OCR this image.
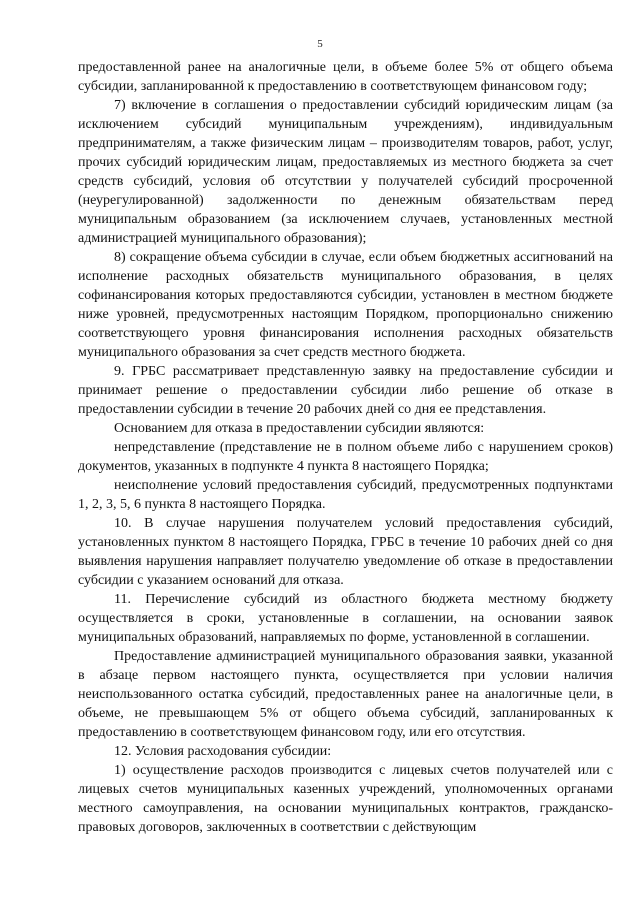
5

предоставленной ранее на аналогичные цели, в объеме более 5% от общего объема субсидии, запланированной к предоставлению в соответствующем финансовом году;

7) включение в соглашения о предоставлении субсидий юридическим лицам (за исключением субсидий муниципальным учреждениям), индивидуальным предпринимателям, а также физическим лицам – производителям товаров, работ, услуг, прочих субсидий юридическим лицам, предоставляемых из местного бюджета за счет средств субсидий, условия об отсутствии у получателей субсидий просроченной (неурегулированной) задолженности по денежным обязательствам перед муниципальным образованием (за исключением случаев, установленных местной администрацией муниципального образования);

8) сокращение объема субсидии в случае, если объем бюджетных ассигнований на исполнение расходных обязательств муниципального образования, в целях софинансирования которых предоставляются субсидии, установлен в местном бюджете ниже уровней, предусмотренных настоящим Порядком, пропорционально снижению соответствующего уровня финансирования исполнения расходных обязательств муниципального образования за счет средств местного бюджета.

9. ГРБС рассматривает представленную заявку на предоставление субсидии и принимает решение о предоставлении субсидии либо решение об отказе в предоставлении субсидии в течение 20 рабочих дней со дня ее представления.

Основанием для отказа в предоставлении субсидии являются:

непредставление (представление не в полном объеме либо с нарушением сроков) документов, указанных в подпункте 4 пункта 8 настоящего Порядка;

неисполнение условий предоставления субсидий, предусмотренных подпунктами 1, 2, 3, 5, 6 пункта 8 настоящего Порядка.

10. В случае нарушения получателем условий предоставления субсидий, установленных пунктом 8 настоящего Порядка, ГРБС в течение 10 рабочих дней со дня выявления нарушения направляет получателю уведомление об отказе в предоставлении субсидии с указанием оснований для отказа.

11. Перечисление субсидий из областного бюджета местному бюджету осуществляется в сроки, установленные в соглашении, на основании заявок муниципальных образований, направляемых по форме, установленной в соглашении.

Предоставление администрацией муниципального образования заявки, указанной в абзаце первом настоящего пункта, осуществляется при условии наличия неиспользованного остатка субсидий, предоставленных ранее на аналогичные цели, в объеме, не превышающем 5% от общего объема субсидий, запланированных к предоставлению в соответствующем финансовом году, или его отсутствия.

12. Условия расходования субсидии:

1) осуществление расходов производится с лицевых счетов получателей или с лицевых счетов муниципальных казенных учреждений, уполномоченных органами местного самоуправления, на основании муниципальных контрактов, гражданско-правовых договоров, заключенных в соответствии с действующим
